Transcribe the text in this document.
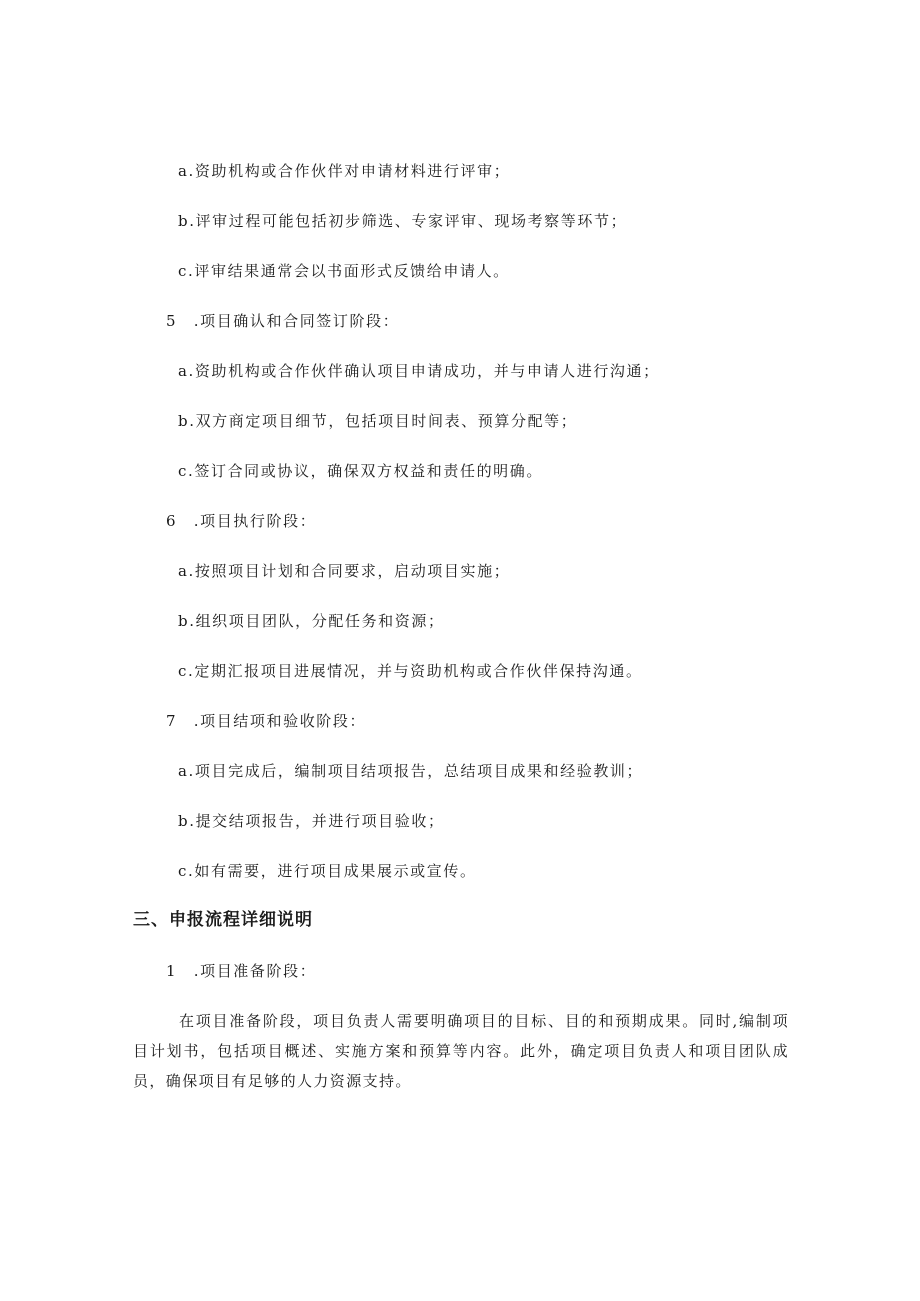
a.资助机构或合作伙伴对申请材料进行评审；
b.评审过程可能包括初步筛选、专家评审、现场考察等环节；
c.评审结果通常会以书面形式反馈给申请人。
5　.项目确认和合同签订阶段：
a.资助机构或合作伙伴确认项目申请成功，并与申请人进行沟通；
b.双方商定项目细节，包括项目时间表、预算分配等；
c.签订合同或协议，确保双方权益和责任的明确。
6　.项目执行阶段：
a.按照项目计划和合同要求，启动项目实施；
b.组织项目团队，分配任务和资源；
c.定期汇报项目进展情况，并与资助机构或合作伙伴保持沟通。
7　.项目结项和验收阶段：
a.项目完成后，编制项目结项报告，总结项目成果和经验教训；
b.提交结项报告，并进行项目验收；
c.如有需要，进行项目成果展示或宣传。
三、申报流程详细说明
1　.项目准备阶段：
在项目准备阶段，项目负责人需要明确项目的目标、目的和预期成果。同时,编制项目计划书，包括项目概述、实施方案和预算等内容。此外，确定项目负责人和项目团队成员，确保项目有足够的人力资源支持。
